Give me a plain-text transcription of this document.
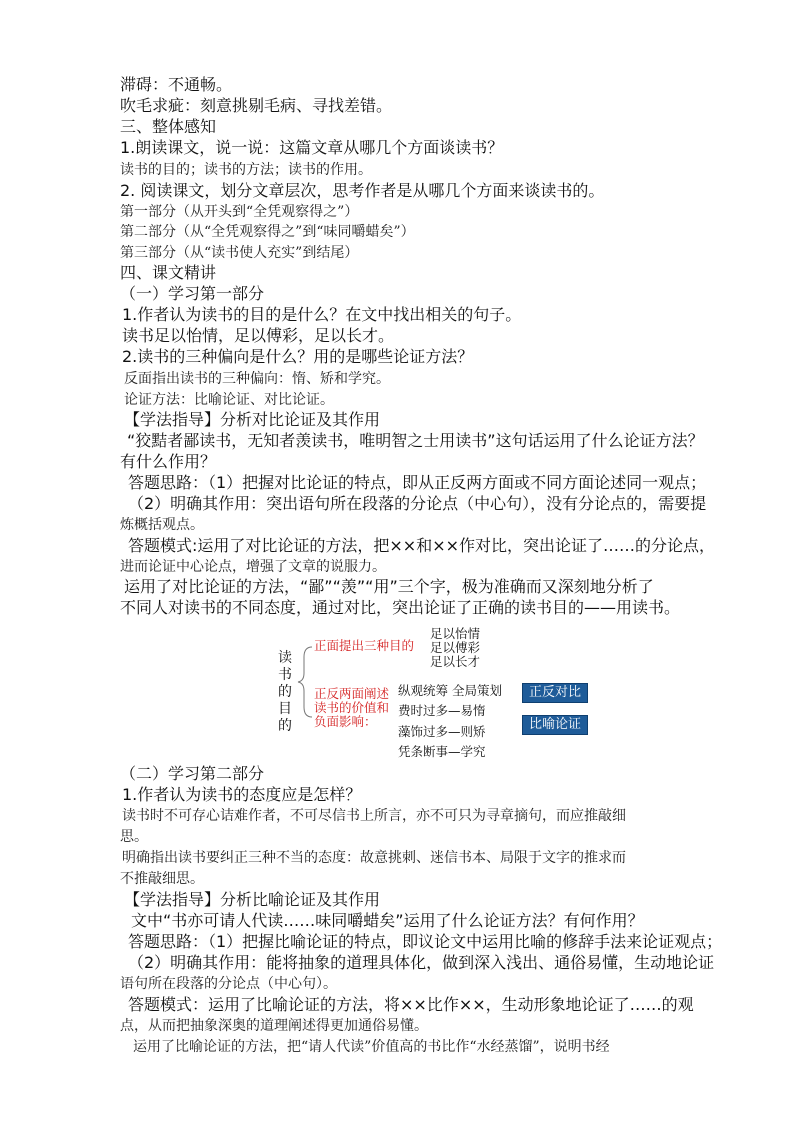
滞碍：不通畅。
吹毛求疵：刻意挑剔毛病、寻找差错。
三、整体感知
1.朗读课文，说一说：这篇文章从哪几个方面谈读书？
读书的目的；读书的方法；读书的作用。
2. 阅读课文，划分文章层次，思考作者是从哪几个方面来谈读书的。
第一部分（从开头到“全凭观察得之”）
第二部分（从“全凭观察得之”到“味同嚼蜡矣”）
第三部分（从“读书使人充实”到结尾）
四、课文精讲
（一）学习第一部分
1.作者认为读书的目的是什么？在文中找出相关的句子。
读书足以怡情，足以傅彩，足以长才。
2.读书的三种偏向是什么？用的是哪些论证方法？
反面指出读书的三种偏向：惰、矫和学究。
论证方法：比喻论证、对比论证。
【学法指导】分析对比论证及其作用
“狡黠者鄙读书，无知者羡读书，唯明智之士用读书”这句话运用了什么论证方法？
有什么作用？
答题思路：（1）把握对比论证的特点，即从正反两方面或不同方面论述同一观点；
（2）明确其作用：突出语句所在段落的分论点（中心句），没有分论点的，需要提
炼概括观点。
答题模式:运用了对比论证的方法，把××和××作对比，突出论证了……的分论点，
进而论证中心论点，增强了文章的说服力。
运用了对比论证的方法，“鄙”“羡”“用”三个字，极为准确而又深刻地分析了
不同人对读书的不同态度，通过对比，突出论证了正确的读书目的——用读书。
读
书
的
目
的
正面提出三种目的
足以怡情
足以傅彩
足以长才
正反两面阐述
读书的价值和
负面影响：
纵观统筹 全局策划
费时过多—易惰
藻饰过多—则矫
凭条断事—学究
正反对比
比喻论证
（二）学习第二部分
1.作者认为读书的态度应是怎样？
读书时不可存心诘难作者，不可尽信书上所言，亦不可只为寻章摘句，而应推敲细
思。
明确指出读书要纠正三种不当的态度：故意挑刺、迷信书本、局限于文字的推求而
不推敲细思。
【学法指导】分析比喻论证及其作用
文中“书亦可请人代读……味同嚼蜡矣”运用了什么论证方法？有何作用？
答题思路：（1）把握比喻论证的特点，即议论文中运用比喻的修辞手法来论证观点；
（2）明确其作用：能将抽象的道理具体化，做到深入浅出、通俗易懂，生动地论证
语句所在段落的分论点（中心句）。
答题模式：运用了比喻论证的方法，将××比作××，生动形象地论证了……的观
点，从而把抽象深奥的道理阐述得更加通俗易懂。
运用了比喻论证的方法，把“请人代读”价值高的书比作“水经蒸馏”，说明书经
